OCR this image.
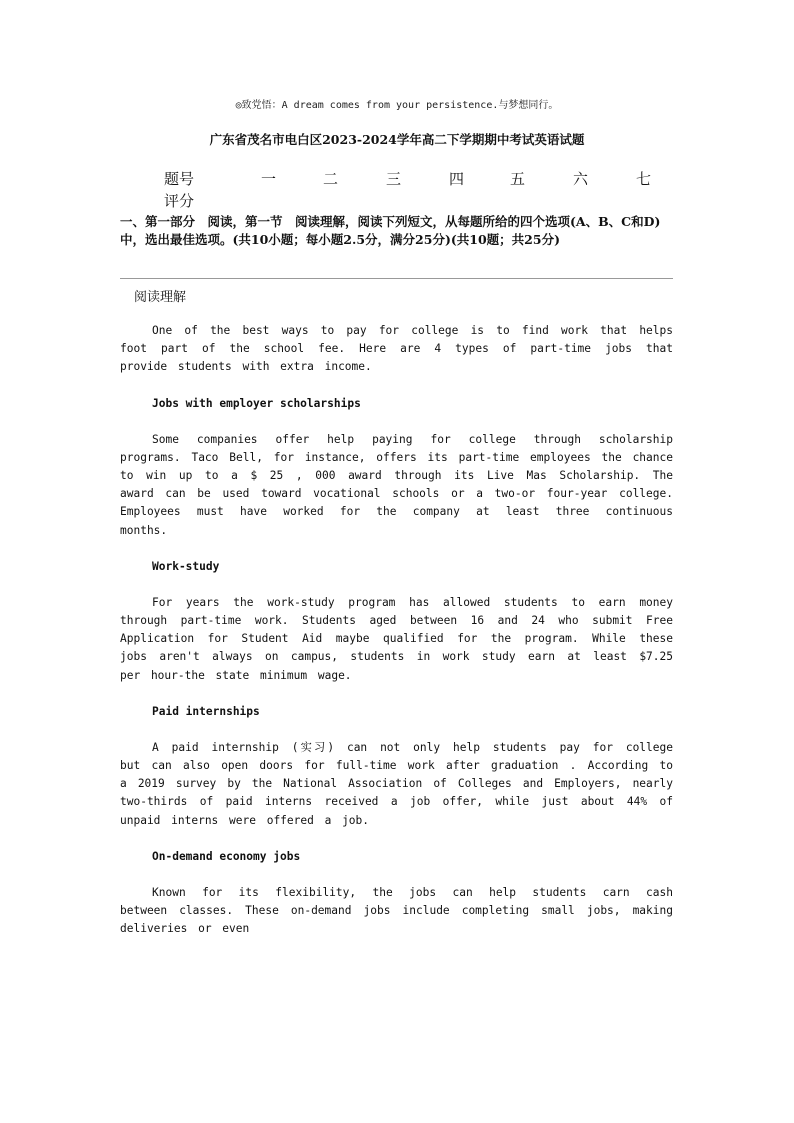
◎致党悟：A dream comes from your persistence.与梦想同行。
广东省茂名市电白区2023-2024学年高二下学期期中考试英语试题
题号	一	二	三	四	五	六	七
评分
一、第一部分　阅读，第一节　阅读理解，阅读下列短文，从每题所给的四个选项(A、B、C和D)中，选出最佳选项。(共10小题；每小题2.5分，满分25分)(共10题；共25分)
阅读理解

One of the best ways to pay for college is to find work that helps foot part of the school fee. Here are 4 types of part-time jobs that provide students with extra income.

Jobs with employer scholarships

Some companies offer help paying for college through scholarship programs. Taco Bell, for instance, offers its part-time employees the chance to win up to a $ 25 , 000 award through its Live Mas Scholarship. The award can be used toward vocational schools or a two-or four-year college. Employees must have worked for the company at least three continuous months.

Work-study

For years the work-study program has allowed students to earn money through part-time work. Students aged between 16 and 24 who submit Free Application for Student Aid maybe qualified for the program. While these jobs aren't always on campus, students in work study earn at least $7.25 per hour-the state minimum wage.

Paid internships

A paid internship (实习) can not only help students pay for college but can also open doors for full-time work after graduation . According to a 2019 survey by the National Association of Colleges and Employers, nearly two-thirds of paid interns received a job offer, while just about 44% of unpaid interns were offered a job.

On-demand economy jobs

Known for its flexibility, the jobs can help students carn cash between classes. These on-demand jobs include completing small jobs, making deliveries or even
